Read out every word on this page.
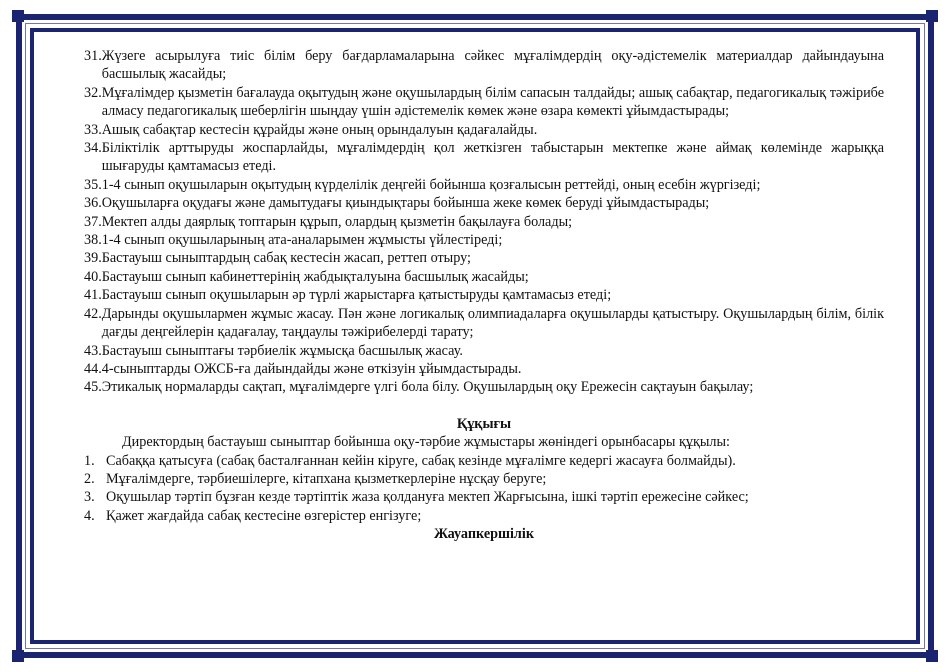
31. Жүзеге асырылуға тиіс білім беру бағдарламаларына сәйкес мұғалімдердің оқу-әдістемелік материалдар дайындауына басшылық жасайды;
32. Мұғалімдер қызметін бағалауда оқытудың және оқушылардың білім сапасын талдайды; ашық сабақтар, педагогикалық тәжірибе алмасу педагогикалық шеберлігін шыңдау үшін әдістемелік көмек және өзара көмекті ұйымдастырады;
33. Ашық сабақтар кестесін құрайды және оның орындалуын қадағалайды.
34. Біліктілік арттыруды жоспарлайды, мұғалімдердің қол жеткізген табыстарын мектепке және аймақ көлемінде жарыққа шығаруды қамтамасыз етеді.
35. 1-4 сынып оқушыларын оқытудың күрделілік деңгейі бойынша қозғалысын реттейді, оның есебін жүргізеді;
36. Оқушыларға оқудағы және дамытудағы қиындықтары бойынша жеке көмек беруді ұйымдастырады;
37. Мектеп алды даярлық топтарын құрып, олардың қызметін бақылауға болады;
38. 1-4 сынып оқушыларының ата-аналарымен жұмысты үйлестіреді;
39. Бастауыш сыныптардың сабақ кестесін жасап, реттеп отыру;
40. Бастауыш сынып кабинеттерінің жабдықталуына басшылық жасайды;
41. Бастауыш сынып оқушыларын әр түрлі жарыстарға қатыстыруды қамтамасыз етеді;
42. Дарынды оқушылармен жұмыс жасау. Пән және логикалық олимпиадаларға оқушыларды қатыстыру. Оқушылардың білім, білік дағды деңгейлерін қадағалау, таңдаулы тәжірибелерді тарату;
43. Бастауыш сыныптағы тәрбиелік жұмысқа басшылық жасау.
44. 4-сыныптарды ОЖСБ-ға дайындайды және өткізуін ұйымдастырады.
45. Этикалық нормаларды сақтап, мұғалімдерге үлгі бола білу. Оқушылардың оқу Ережесін сақтауын бақылау;
Құқығы
Директордың бастауыш сыныптар бойынша оқу-тәрбие жұмыстары жөніндегі орынбасары құқылы:
1. Сабаққа қатысуға (сабақ басталғаннан кейін кіруге, сабақ кезінде мұғалімге кедергі жасауға болмайды).
2. Мұғалімдерге, тәрбиешілерге, кітапхана қызметкерлеріне нұсқау беруге;
3. Оқушылар тәртіп бұзған кезде тәртіптік жаза қолдануға мектеп Жарғысына, ішкі тәртіп ережесіне сәйкес;
4. Қажет жағдайда сабақ кестесіне өзгерістер енгізуге;
Жауапкершілік
